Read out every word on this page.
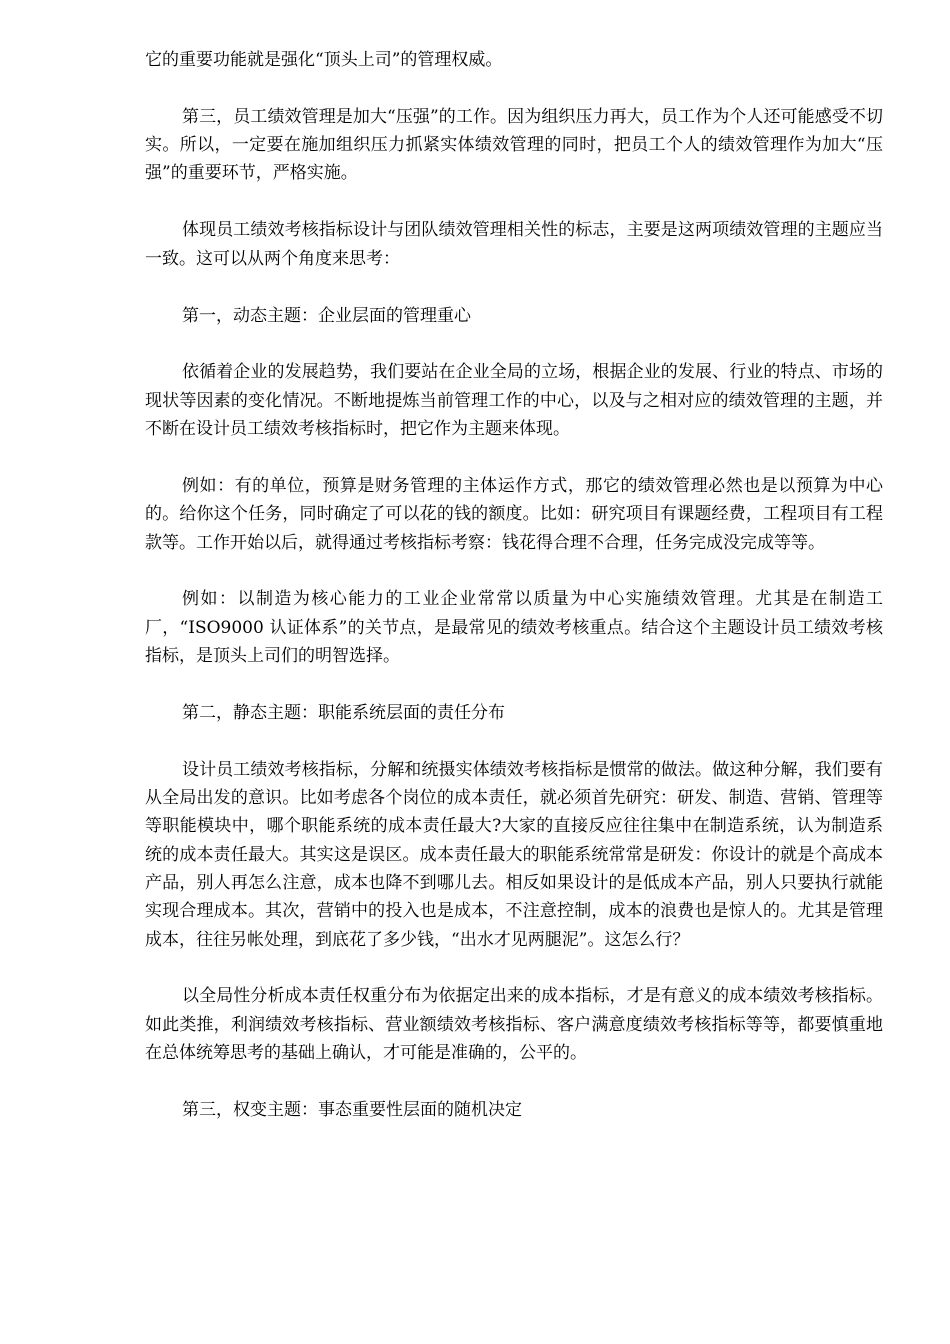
它的重要功能就是强化“顶头上司”的管理权威。

第三，员工绩效管理是加大“压强”的工作。因为组织压力再大，员工作为个人还可能感受不切实。所以，一定要在施加组织压力抓紧实体绩效管理的同时，把员工个人的绩效管理作为加大“压强”的重要环节，严格实施。

体现员工绩效考核指标设计与团队绩效管理相关性的标志，主要是这两项绩效管理的主题应当一致。这可以从两个角度来思考：

第一，动态主题：企业层面的管理重心

依循着企业的发展趋势，我们要站在企业全局的立场，根据企业的发展、行业的特点、市场的现状等因素的变化情况。不断地提炼当前管理工作的中心，以及与之相对应的绩效管理的主题，并不断在设计员工绩效考核指标时，把它作为主题来体现。

例如：有的单位，预算是财务管理的主体运作方式，那它的绩效管理必然也是以预算为中心的。给你这个任务，同时确定了可以花的钱的额度。比如：研究项目有课题经费，工程项目有工程款等。工作开始以后，就得通过考核指标考察：钱花得合理不合理，任务完成没完成等等。

例如：以制造为核心能力的工业企业常常以质量为中心实施绩效管理。尤其是在制造工厂，“ISO9000 认证体系”的关节点，是最常见的绩效考核重点。结合这个主题设计员工绩效考核指标，是顶头上司们的明智选择。

第二，静态主题：职能系统层面的责任分布

设计员工绩效考核指标，分解和统摄实体绩效考核指标是惯常的做法。做这种分解，我们要有从全局出发的意识。比如考虑各个岗位的成本责任，就必须首先研究：研发、制造、营销、管理等等职能模块中，哪个职能系统的成本责任最大?大家的直接反应往往集中在制造系统，认为制造系统的成本责任最大。其实这是误区。成本责任最大的职能系统常常是研发：你设计的就是个高成本产品，别人再怎么注意，成本也降不到哪儿去。相反如果设计的是低成本产品，别人只要执行就能实现合理成本。其次，营销中的投入也是成本，不注意控制，成本的浪费也是惊人的。尤其是管理成本，往往另帐处理，到底花了多少钱，“出水才见两腿泥”。这怎么行？

以全局性分析成本责任权重分布为依据定出来的成本指标，才是有意义的成本绩效考核指标。如此类推，利润绩效考核指标、营业额绩效考核指标、客户满意度绩效考核指标等等，都要慎重地在总体统筹思考的基础上确认，才可能是准确的，公平的。

第三，权变主题：事态重要性层面的随机决定
